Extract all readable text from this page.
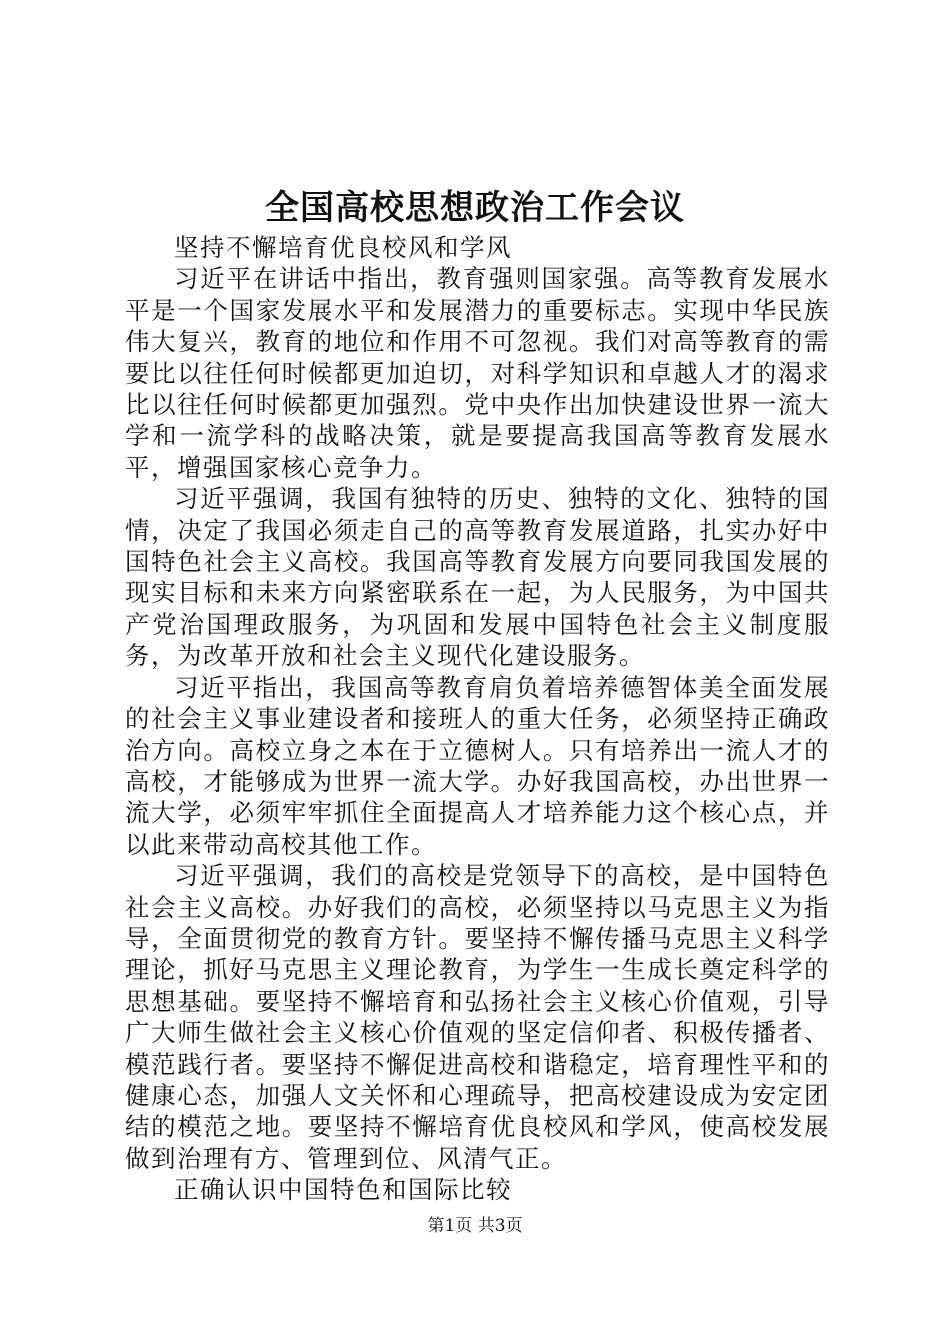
全国高校思想政治工作会议

坚持不懈培育优良校风和学风

习近平在讲话中指出，教育强则国家强。高等教育发展水平是一个国家发展水平和发展潜力的重要标志。实现中华民族伟大复兴，教育的地位和作用不可忽视。我们对高等教育的需要比以往任何时候都更加迫切，对科学知识和卓越人才的渴求比以往任何时候都更加强烈。党中央作出加快建设世界一流大学和一流学科的战略决策，就是要提高我国高等教育发展水平，增强国家核心竞争力。

习近平强调，我国有独特的历史、独特的文化、独特的国情，决定了我国必须走自己的高等教育发展道路，扎实办好中国特色社会主义高校。我国高等教育发展方向要同我国发展的现实目标和未来方向紧密联系在一起，为人民服务，为中国共产党治国理政服务，为巩固和发展中国特色社会主义制度服务，为改革开放和社会主义现代化建设服务。

习近平指出，我国高等教育肩负着培养德智体美全面发展的社会主义事业建设者和接班人的重大任务，必须坚持正确政治方向。高校立身之本在于立德树人。只有培养出一流人才的高校，才能够成为世界一流大学。办好我国高校，办出世界一流大学，必须牢牢抓住全面提高人才培养能力这个核心点，并以此来带动高校其他工作。

习近平强调，我们的高校是党领导下的高校，是中国特色社会主义高校。办好我们的高校，必须坚持以马克思主义为指导，全面贯彻党的教育方针。要坚持不懈传播马克思主义科学理论，抓好马克思主义理论教育，为学生一生成长奠定科学的思想基础。要坚持不懈培育和弘扬社会主义核心价值观，引导广大师生做社会主义核心价值观的坚定信仰者、积极传播者、模范践行者。要坚持不懈促进高校和谐稳定，培育理性平和的健康心态，加强人文关怀和心理疏导，把高校建设成为安定团结的模范之地。要坚持不懈培育优良校风和学风，使高校发展做到治理有方、管理到位、风清气正。

正确认识中国特色和国际比较

第1页 共3页
